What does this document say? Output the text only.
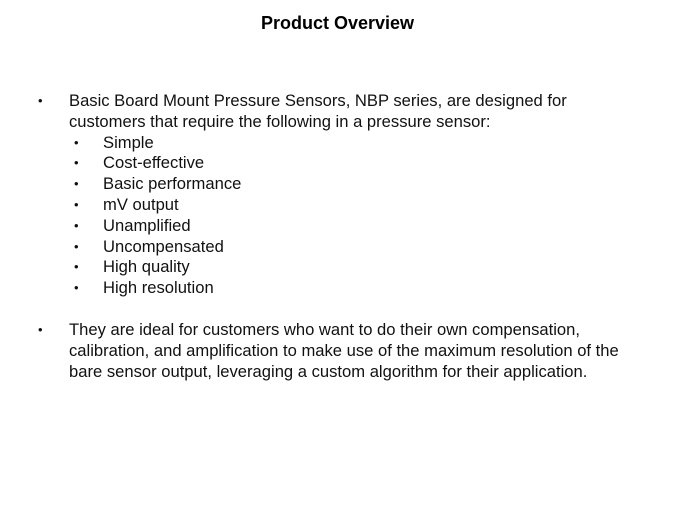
Product Overview
• Basic Board Mount Pressure Sensors, NBP series, are designed for customers that require the following in a pressure sensor:
• Simple
• Cost-effective
• Basic performance
• mV output
• Unamplified
• Uncompensated
• High quality
• High resolution
• They are ideal for customers who want to do their own compensation, calibration, and amplification to make use of the maximum resolution of the bare sensor output, leveraging a custom algorithm for their application.
